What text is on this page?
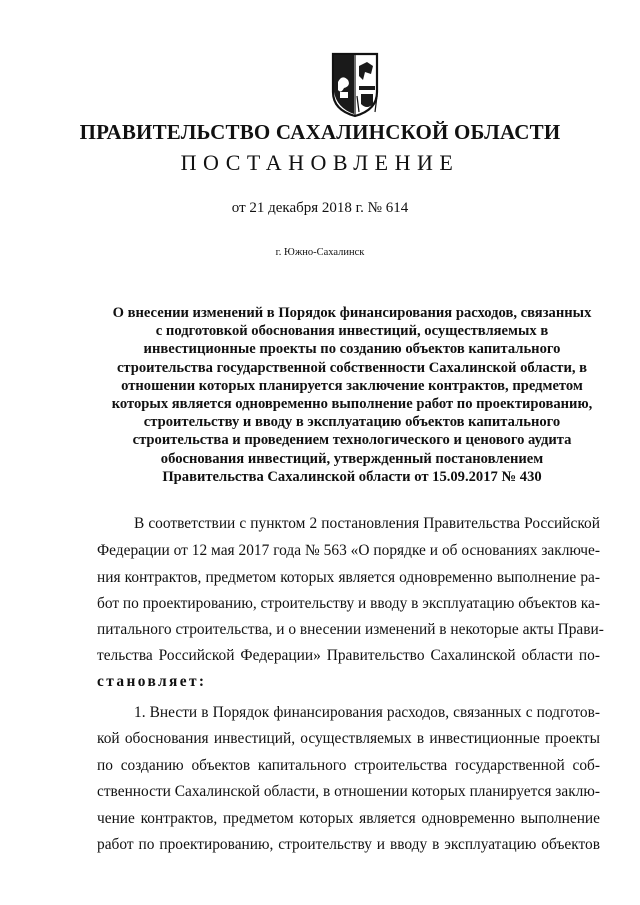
ПРАВИТЕЛЬСТВО САХАЛИНСКОЙ ОБЛАСТИ
ПОСТАНОВЛЕНИЕ
от 21 декабря 2018 г. № 614
г. Южно-Сахалинск
О внесении изменений в Порядок финансирования расходов, связанных
с подготовкой обоснования инвестиций, осуществляемых в
инвестиционные проекты по созданию объектов капитального
строительства государственной собственности Сахалинской области, в
отношении которых планируется заключение контрактов, предметом
которых является одновременно выполнение работ по проектированию,
строительству и вводу в эксплуатацию объектов капитального
строительства и проведением технологического и ценового аудита
обоснования инвестиций, утвержденный постановлением
Правительства Сахалинской области от 15.09.2017 № 430
В соответствии с пунктом 2 постановления Правительства Российской
Федерации от 12 мая 2017 года № 563 «О порядке и об основаниях заключе-
ния контрактов, предметом которых является одновременно выполнение ра-
бот по проектированию, строительству и вводу в эксплуатацию объектов ка-
питального строительства, и о внесении изменений в некоторые акты Прави-
тельства Российской Федерации» Правительство Сахалинской области по-
становляет:
1. Внести в Порядок финансирования расходов, связанных с подготов-
кой обоснования инвестиций, осуществляемых в инвестиционные проекты
по созданию объектов капитального строительства государственной соб-
ственности Сахалинской области, в отношении которых планируется заклю-
чение контрактов, предметом которых является одновременно выполнение
работ по проектированию, строительству и вводу в эксплуатацию объектов
